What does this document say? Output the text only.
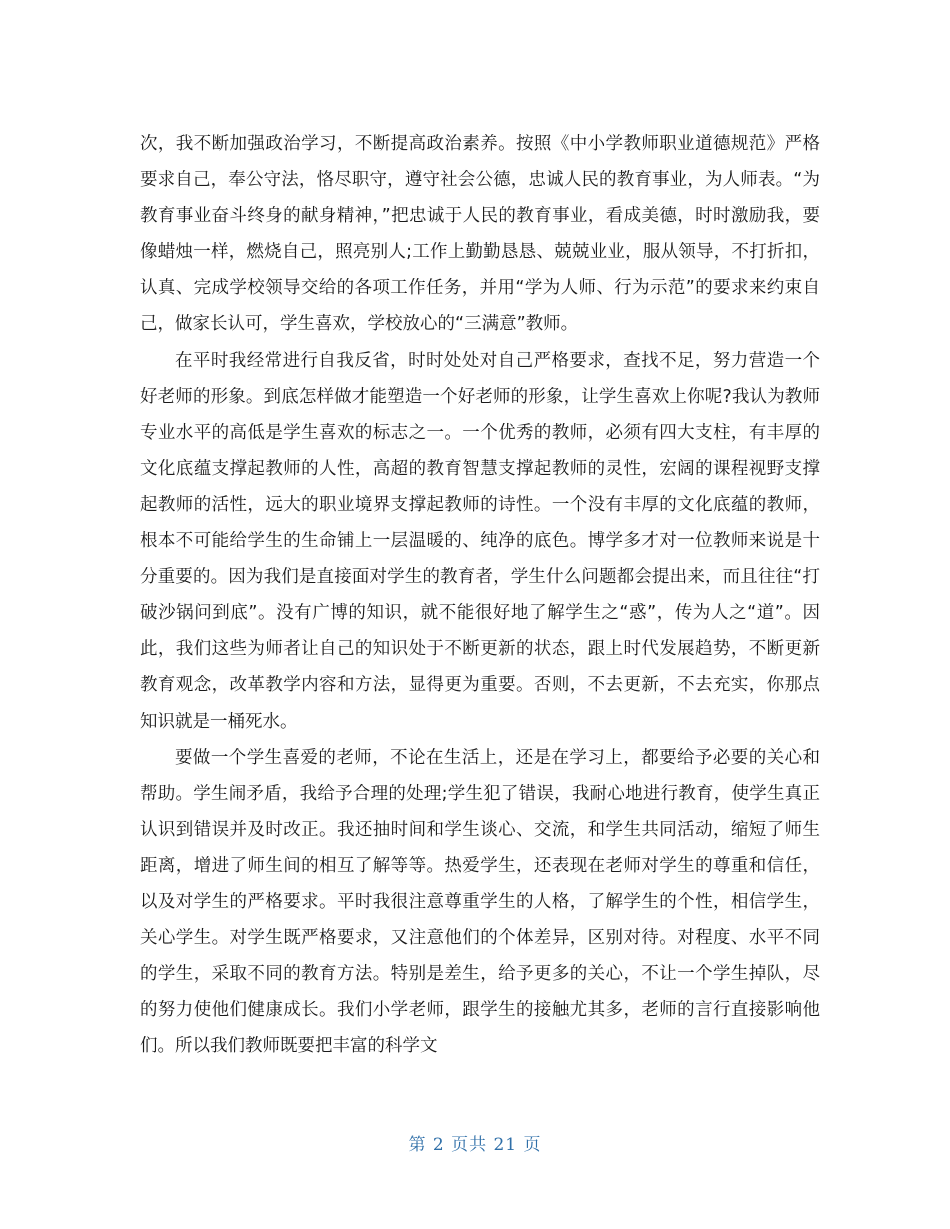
次，我不断加强政治学习，不断提高政治素养。按照《中小学教师职业道德规范》严格要求自己，奉公守法，恪尽职守，遵守社会公德，忠诚人民的教育事业，为人师表。“为教育事业奋斗终身的献身精神，”把忠诚于人民的教育事业，看成美德，时时激励我，要像蜡烛一样，燃烧自己，照亮别人;工作上勤勤恳恳、兢兢业业，服从领导，不打折扣，认真、完成学校领导交给的各项工作任务，并用“学为人师、行为示范”的要求来约束自己，做家长认可，学生喜欢，学校放心的“三满意”教师。

在平时我经常进行自我反省，时时处处对自己严格要求，查找不足，努力营造一个好老师的形象。到底怎样做才能塑造一个好老师的形象，让学生喜欢上你呢?我认为教师专业水平的高低是学生喜欢的标志之一。一个优秀的教师，必须有四大支柱，有丰厚的文化底蕴支撑起教师的人性，高超的教育智慧支撑起教师的灵性，宏阔的课程视野支撑起教师的活性，远大的职业境界支撑起教师的诗性。一个没有丰厚的文化底蕴的教师，根本不可能给学生的生命铺上一层温暖的、纯净的底色。博学多才对一位教师来说是十分重要的。因为我们是直接面对学生的教育者，学生什么问题都会提出来，而且往往“打破沙锅问到底”。没有广博的知识，就不能很好地了解学生之“惑”，传为人之“道”。因此，我们这些为师者让自己的知识处于不断更新的状态，跟上时代发展趋势，不断更新教育观念，改革教学内容和方法，显得更为重要。否则，不去更新，不去充实，你那点知识就是一桶死水。

要做一个学生喜爱的老师，不论在生活上，还是在学习上，都要给予必要的关心和帮助。学生闹矛盾，我给予合理的处理;学生犯了错误，我耐心地进行教育，使学生真正认识到错误并及时改正。我还抽时间和学生谈心、交流，和学生共同活动，缩短了师生距离，增进了师生间的相互了解等等。热爱学生，还表现在老师对学生的尊重和信任，以及对学生的严格要求。平时我很注意尊重学生的人格，了解学生的个性，相信学生，关心学生。对学生既严格要求，又注意他们的个体差异，区别对待。对程度、水平不同的学生，采取不同的教育方法。特别是差生，给予更多的关心，不让一个学生掉队，尽的努力使他们健康成长。我们小学老师，跟学生的接触尤其多，老师的言行直接影响他们。所以我们教师既要把丰富的科学文

第 2 页共 21 页
